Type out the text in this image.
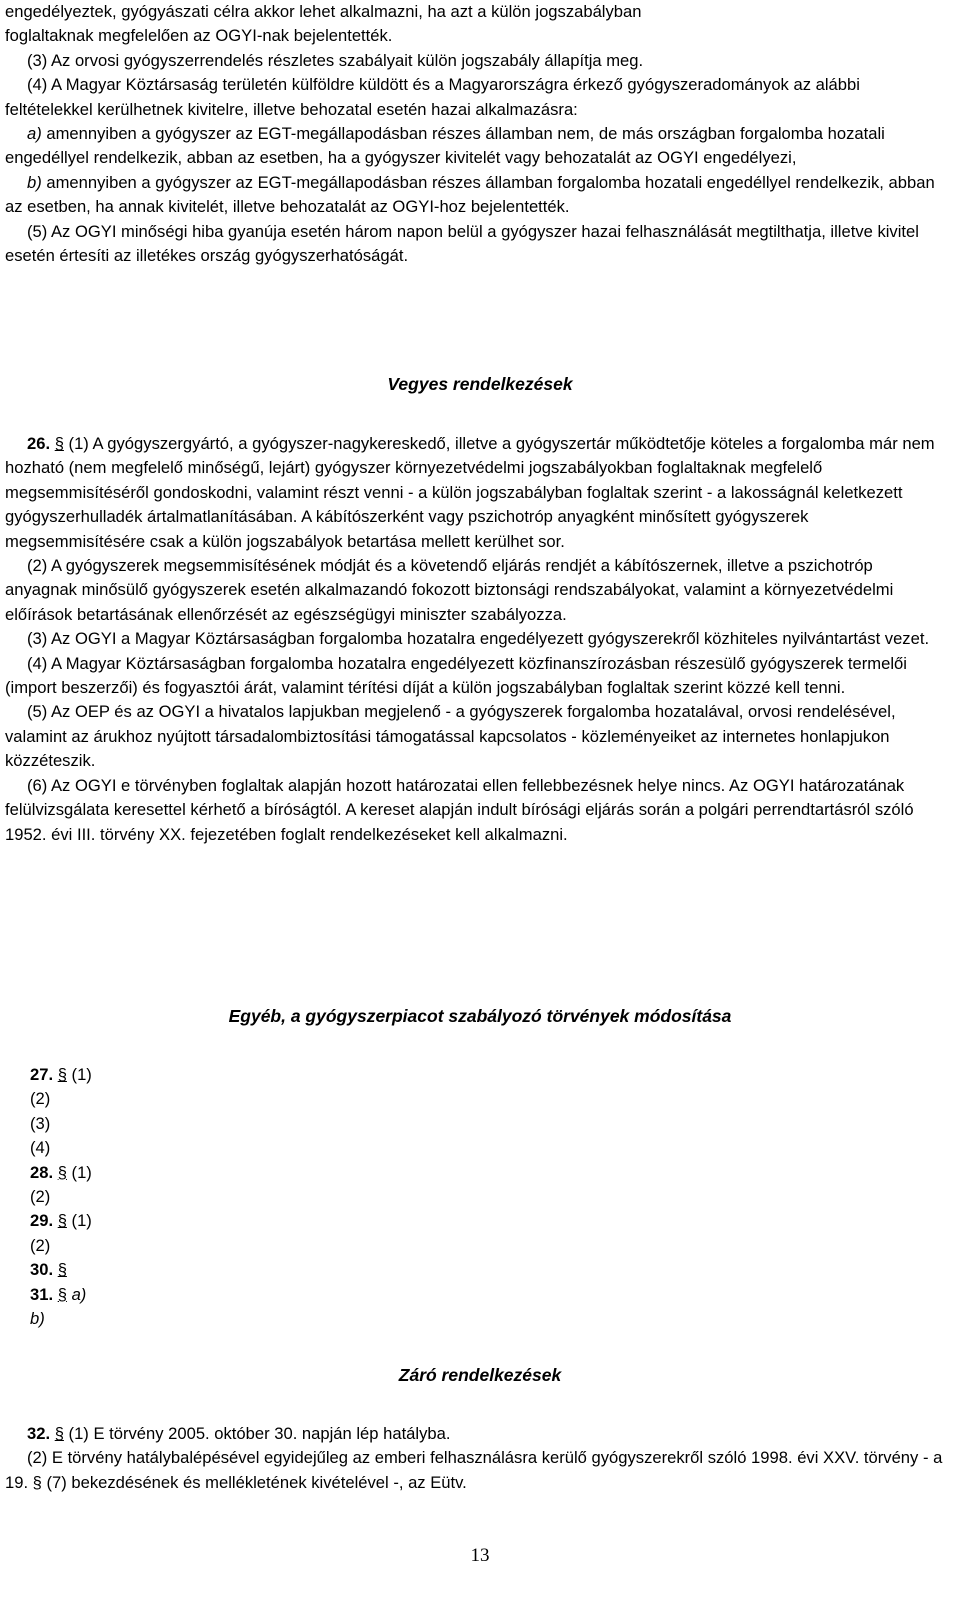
engedélyeztek, gyógyászati célra akkor lehet alkalmazni, ha azt a külön jogszabályban

foglaltaknak megfelelően az OGYI-nak bejelentették.

(3) Az orvosi gyógyszerrendelés részletes szabályait külön jogszabály állapítja meg.

(4) A Magyar Köztársaság területén külföldre küldött és a Magyarországra érkező gyógyszeradományok az alábbi feltételekkel kerülhetnek kivitelre, illetve behozatal esetén hazai alkalmazásra:

a) amennyiben a gyógyszer az EGT-megállapodásban részes államban nem, de más országban forgalomba hozatali engedéllyel rendelkezik, abban az esetben, ha a gyógyszer kivitelét vagy behozatalát az OGYI engedélyezi,

b) amennyiben a gyógyszer az EGT-megállapodásban részes államban forgalomba hozatali engedéllyel rendelkezik, abban az esetben, ha annak kivitelét, illetve behozatalát az OGYI-hoz bejelentették.

(5) Az OGYI minőségi hiba gyanúja esetén három napon belül a gyógyszer hazai felhasználását megtilthatja, illetve kivitel esetén értesíti az illetékes ország gyógyszerhatóságát.

Vegyes rendelkezések

26. § (1) A gyógyszergyártó, a gyógyszer-nagykereskedő, illetve a gyógyszertár működtetője köteles a forgalomba már nem hozható (nem megfelelő minőségű, lejárt) gyógyszer környezetvédelmi jogszabályokban foglaltaknak megfelelő megsemmisítéséről gondoskodni, valamint részt venni - a külön jogszabályban foglaltak szerint - a lakosságnál keletkezett gyógyszerhulladék ártalmatlanításában. A kábítószerként vagy pszichotróp anyagként minősített gyógyszerek megsemmisítésére csak a külön jogszabályok betartása mellett kerülhet sor.

(2) A gyógyszerek megsemmisítésének módját és a követendő eljárás rendjét a kábítószernek, illetve a pszichotróp anyagnak minősülő gyógyszerek esetén alkalmazandó fokozott biztonsági rendszabályokat, valamint a környezetvédelmi előírások betartásának ellenőrzését az egészségügyi miniszter szabályozza.

(3) Az OGYI a Magyar Köztársaságban forgalomba hozatalra engedélyezett gyógyszerekről közhiteles nyilvántartást vezet.

(4) A Magyar Köztársaságban forgalomba hozatalra engedélyezett közfinanszírozásban részesülő gyógyszerek termelői (import beszerzői) és fogyasztói árát, valamint térítési díját a külön jogszabályban foglaltak szerint közzé kell tenni.

(5) Az OEP és az OGYI a hivatalos lapjukban megjelenő - a gyógyszerek forgalomba hozatalával, orvosi rendelésével, valamint az árukhoz nyújtott társadalombiztosítási támogatással kapcsolatos - közleményeiket az internetes honlapjukon közzéteszik.

(6) Az OGYI e törvényben foglaltak alapján hozott határozatai ellen fellebbezésnek helye nincs. Az OGYI határozatának felülvizsgálata keresettel kérhető a bíróságtól. A kereset alapján indult bírósági eljárás során a polgári perrendtartásról szóló 1952. évi III. törvény XX. fejezetében foglalt rendelkezéseket kell alkalmazni.

Egyéb, a gyógyszerpiacot szabályozó törvények módosítása
27. § (1)
(2)
(3)
(4)
28. § (1)
(2)
29. § (1)
(2)
30. §
31. § a)
b)
Záró rendelkezések

32. § (1) E törvény 2005. október 30. napján lép hatályba.

(2) E törvény hatálybalépésével egyidejűleg az emberi felhasználásra kerülő gyógyszerekről szóló 1998. évi XXV. törvény - a 19. § (7) bekezdésének és mellékletének kivételével -, az Eütv.

13
